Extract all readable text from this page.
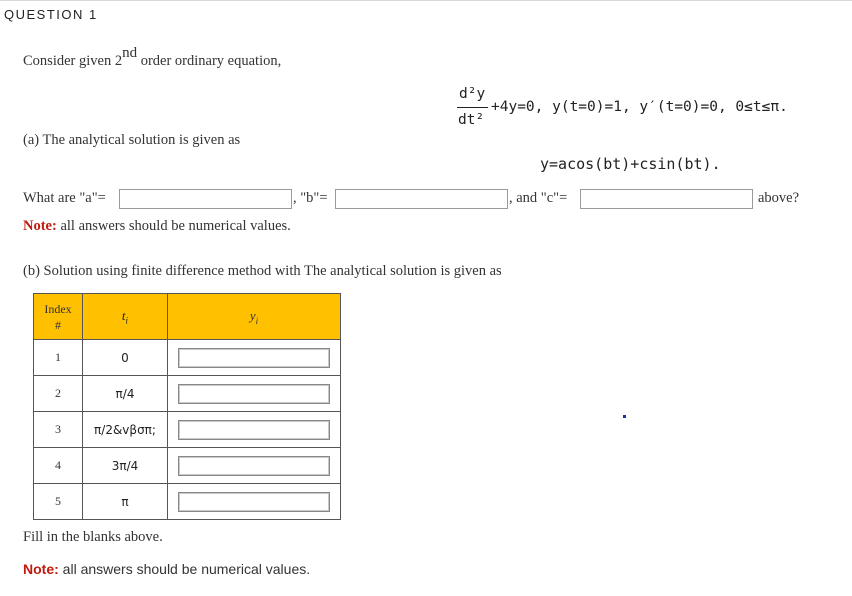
QUESTION 1
Consider given 2nd order ordinary equation,
d²y
dt²
+4y=0, y(t=0)=1, y′(t=0)=0, 0≤t≤π.
(a) The analytical solution is given as
y=acos(bt)+csin(bt).
What are "a"=	, "b"=	, and "c"=	above?
Note: all answers should be numerical values.
(b) Solution using finite difference method with The analytical solution is given as
Index
#	$t_i$	$y_i$
1	0	

2	π/4	

3	π/2&vβσπ;	

4	3π/4	

5	π	
Fill in the blanks above.
Note: all answers should be numerical values.
